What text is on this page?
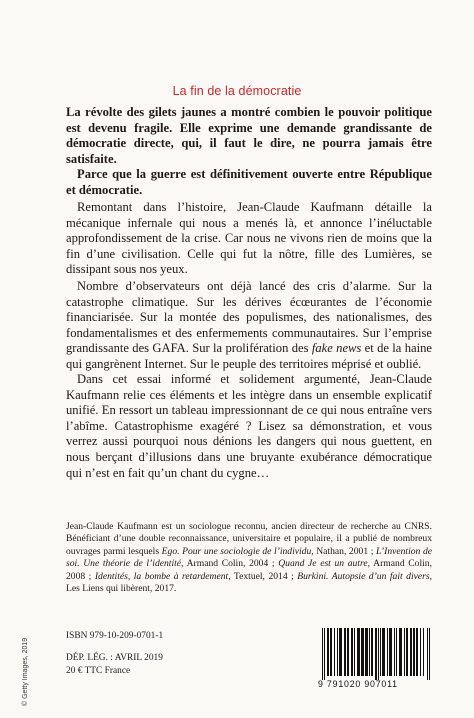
La fin de la démocratie

La révolte des gilets jaunes a montré combien le pouvoir politique est devenu fragile. Elle exprime une demande grandissante de démocratie directe, qui, il faut le dire, ne pourra jamais être satisfaite.

Parce que la guerre est définitivement ouverte entre République et démocratie.

Remontant dans l’histoire, Jean-Claude Kaufmann détaille la mécanique infernale qui nous a menés là, et annonce l’inéluctable approfondissement de la crise. Car nous ne vivons rien de moins que la fin d’une civilisation. Celle qui fut la nôtre, fille des Lumières, se dissipant sous nos yeux.

Nombre d’observateurs ont déjà lancé des cris d’alarme. Sur la catastrophe climatique. Sur les dérives écœurantes de l’économie financiarisée. Sur la montée des populismes, des nationalismes, des fondamentalismes et des enfermements communautaires. Sur l’emprise grandissante des GAFA. Sur la prolifération des fake news et de la haine qui gangrènent Internet. Sur le peuple des territoires méprisé et oublié.

Dans cet essai informé et solidement argumenté, Jean-Claude Kaufmann relie ces éléments et les intègre dans un ensemble explicatif unifié. En ressort un tableau impressionnant de ce qui nous entraîne vers l’abîme. Catastrophisme exagéré ? Lisez sa démonstration, et vous verrez aussi pourquoi nous dénions les dangers qui nous guettent, en nous berçant d’illusions dans une bruyante exubérance démocratique qui n’est en fait qu’un chant du cygne…

Jean-Claude Kaufmann est un sociologue reconnu, ancien directeur de recherche au CNRS. Bénéficiant d’une double reconnaissance, universitaire et populaire, il a publié de nombreux ouvrages parmi lesquels Ego. Pour une sociologie de l’individu, Nathan, 2001 ; L’Invention de soi. Une théorie de l’identité, Armand Colin, 2004 ; Quand Je est un autre, Armand Colin, 2008 ; Identités, la bombe à retardement, Textuel, 2014 ; Burkini. Autopsie d’un fait divers, Les Liens qui libèrent, 2017.

© Getty Images, 2019
ISBN 979-10-209-0701-1
DÉP. LÉG. : AVRIL 2019
20 € TTC France
9 791020 907011
